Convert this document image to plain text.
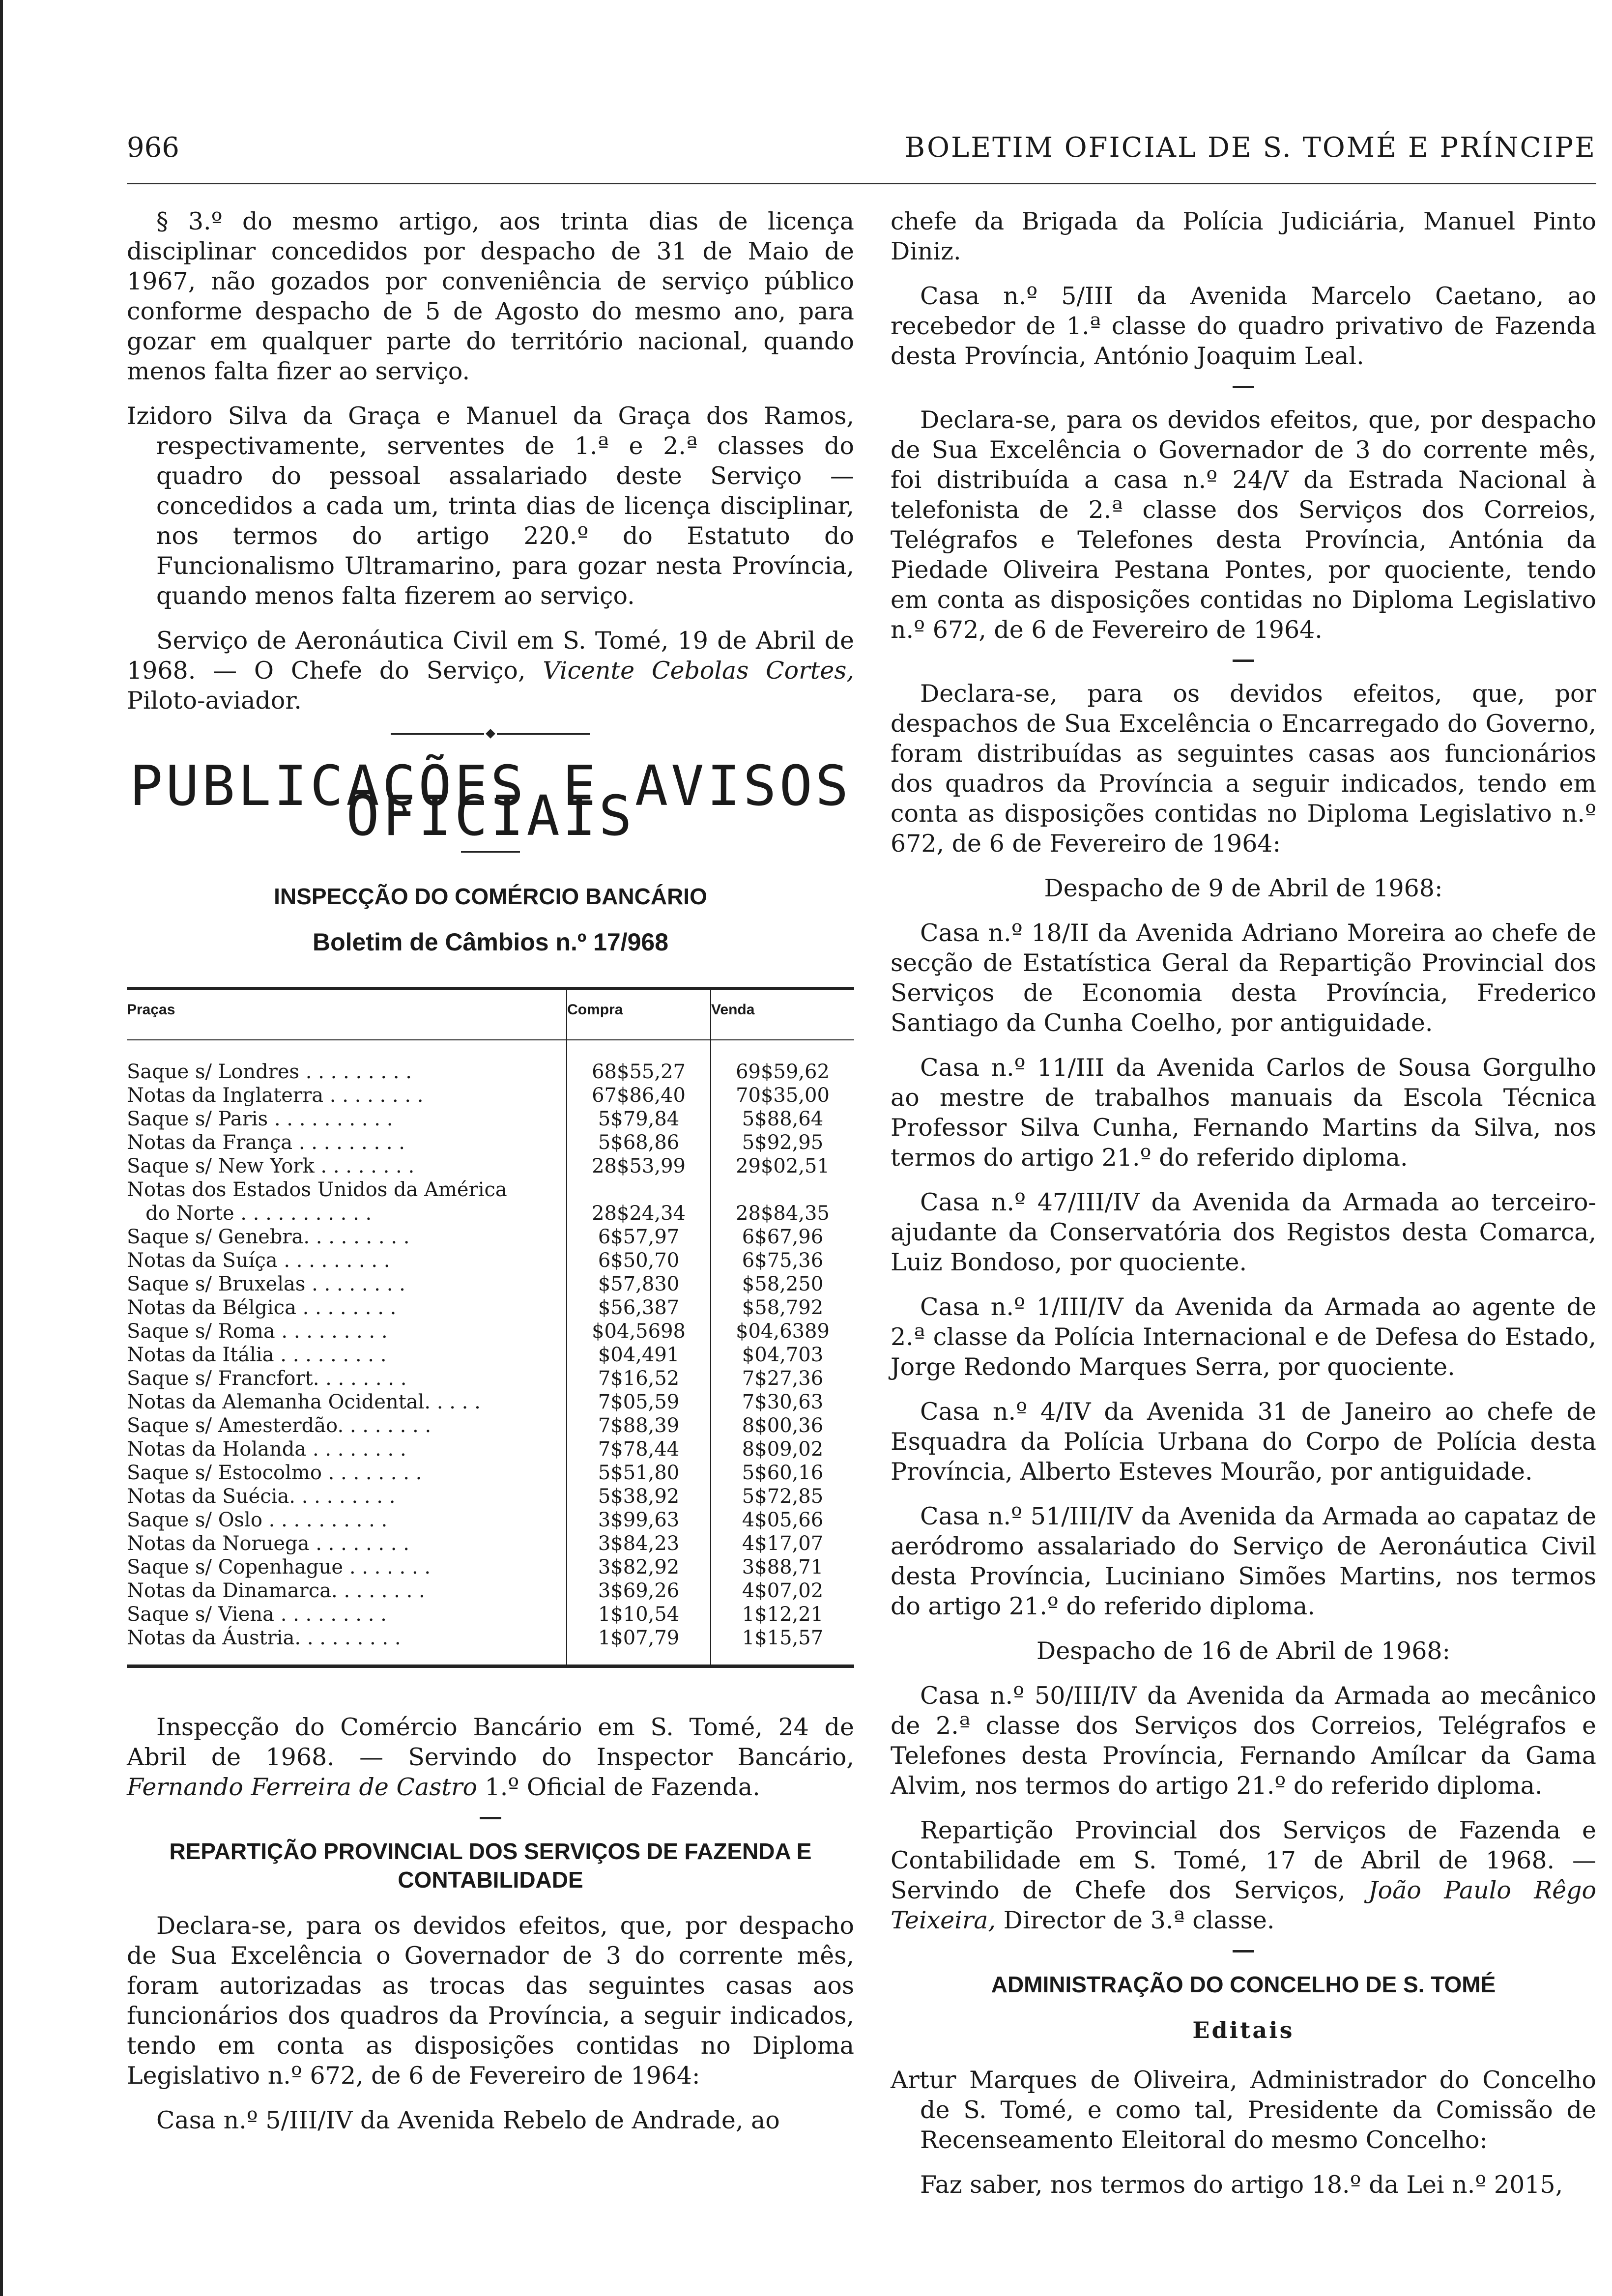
966	BOLETIM OFICIAL DE S. TOMÉ E PRÍNCIPE

§ 3.º do mesmo artigo, aos trinta dias de licença disciplinar concedidos por despacho de 31 de Maio de 1967, não gozados por conveniência de serviço público conforme despacho de 5 de Agosto do mesmo ano, para gozar em qualquer parte do território nacional, quando menos falta fizer ao serviço.

Izidoro Silva da Graça e Manuel da Graça dos Ramos, respectivamente, serventes de 1.ª e 2.ª classes do quadro do pessoal assalariado deste Serviço — concedidos a cada um, trinta dias de licença disciplinar, nos termos do artigo 220.º do Estatuto do Funcionalismo Ultramarino, para gozar nesta Província, quando menos falta fizerem ao serviço.

Serviço de Aeronáutica Civil em S. Tomé, 19 de Abril de 1968. — O Chefe do Serviço, Vicente Cebolas Cortes, Piloto-aviador.

PUBLICAÇÕES E AVISOS OFICIAIS
INSPECÇÃO DO COMÉRCIO BANCÁRIO
Boletim de Câmbios n.º 17/968

Praças	Compra	Venda
Saque s/ Londres . . . . . . . . .	68$55,27	69$59,62
Notas da Inglaterra . . . . . . . .	67$86,40	70$35,00
Saque s/ Paris . . . . . . . . . .	5$79,84	5$88,64
Notas da França . . . . . . . . .	5$68,86	5$92,95
Saque s/ New York . . . . . . . .	28$53,99	29$02,51
Notas dos Estados Unidos da América		
do Norte . . . . . . . . . . .	28$24,34	28$84,35
Saque s/ Genebra. . . . . . . . .	6$57,97	6$67,96
Notas da Suíça . . . . . . . . .	6$50,70	6$75,36
Saque s/ Bruxelas . . . . . . . .	$57,830	$58,250
Notas da Bélgica . . . . . . . .	$56,387	$58,792
Saque s/ Roma . . . . . . . . .	$04,5698	$04,6389
Notas da Itália . . . . . . . . .	$04,491	$04,703
Saque s/ Francfort. . . . . . . .	7$16,52	7$27,36
Notas da Alemanha Ocidental. . . . .	7$05,59	7$30,63
Saque s/ Amesterdão. . . . . . . .	7$88,39	8$00,36
Notas da Holanda . . . . . . . .	7$78,44	8$09,02
Saque s/ Estocolmo . . . . . . . .	5$51,80	5$60,16
Notas da Suécia. . . . . . . . .	5$38,92	5$72,85
Saque s/ Oslo . . . . . . . . . .	3$99,63	4$05,66
Notas da Noruega . . . . . . . .	3$84,23	4$17,07
Saque s/ Copenhague . . . . . . .	3$82,92	3$88,71
Notas da Dinamarca. . . . . . . .	3$69,26	4$07,02
Saque s/ Viena . . . . . . . . .	1$10,54	1$12,21
Notas da Áustria. . . . . . . . .	1$07,79	1$15,57

Inspecção do Comércio Bancário em S. Tomé, 24 de Abril de 1968. — Servindo do Inspector Bancário, Fernando Ferreira de Castro 1.º Oficial de Fazenda.

REPARTIÇÃO PROVINCIAL DOS SERVIÇOS DE FAZENDA E CONTABILIDADE

Declara-se, para os devidos efeitos, que, por despacho de Sua Excelência o Governador de 3 do corrente mês, foram autorizadas as trocas das seguintes casas aos funcionários dos quadros da Província, a seguir indicados, tendo em conta as disposições contidas no Diploma Legislativo n.º 672, de 6 de Fevereiro de 1964:

Casa n.º 5/III/IV da Avenida Rebelo de Andrade, ao

chefe da Brigada da Polícia Judiciária, Manuel Pinto Diniz.

Casa n.º 5/III da Avenida Marcelo Caetano, ao recebedor de 1.ª classe do quadro privativo de Fazenda desta Província, António Joaquim Leal.

Declara-se, para os devidos efeitos, que, por despacho de Sua Excelência o Governador de 3 do corrente mês, foi distribuída a casa n.º 24/V da Estrada Nacional à telefonista de 2.ª classe dos Serviços dos Correios, Telégrafos e Telefones desta Província, Antónia da Piedade Oliveira Pestana Pontes, por quociente, tendo em conta as disposições contidas no Diploma Legislativo n.º 672, de 6 de Fevereiro de 1964.

Declara-se, para os devidos efeitos, que, por despachos de Sua Excelência o Encarregado do Governo, foram distribuídas as seguintes casas aos funcionários dos quadros da Província a seguir indicados, tendo em conta as disposições contidas no Diploma Legislativo n.º 672, de 6 de Fevereiro de 1964:

Despacho de 9 de Abril de 1968:

Casa n.º 18/II da Avenida Adriano Moreira ao chefe de secção de Estatística Geral da Repartição Provincial dos Serviços de Economia desta Província, Frederico Santiago da Cunha Coelho, por antiguidade.

Casa n.º 11/III da Avenida Carlos de Sousa Gorgulho ao mestre de trabalhos manuais da Escola Técnica Professor Silva Cunha, Fernando Martins da Silva, nos termos do artigo 21.º do referido diploma.

Casa n.º 47/III/IV da Avenida da Armada ao terceiro-ajudante da Conservatória dos Registos desta Comarca, Luiz Bondoso, por quociente.

Casa n.º 1/III/IV da Avenida da Armada ao agente de 2.ª classe da Polícia Internacional e de Defesa do Estado, Jorge Redondo Marques Serra, por quociente.

Casa n.º 4/IV da Avenida 31 de Janeiro ao chefe de Esquadra da Polícia Urbana do Corpo de Polícia desta Província, Alberto Esteves Mourão, por antiguidade.

Casa n.º 51/III/IV da Avenida da Armada ao capataz de aeródromo assalariado do Serviço de Aeronáutica Civil desta Província, Luciniano Simões Martins, nos termos do artigo 21.º do referido diploma.

Despacho de 16 de Abril de 1968:

Casa n.º 50/III/IV da Avenida da Armada ao mecânico de 2.ª classe dos Serviços dos Correios, Telégrafos e Telefones desta Província, Fernando Amílcar da Gama Alvim, nos termos do artigo 21.º do referido diploma.

Repartição Provincial dos Serviços de Fazenda e Contabilidade em S. Tomé, 17 de Abril de 1968. — Servindo de Chefe dos Serviços, João Paulo Rêgo Teixeira, Director de 3.ª classe.

ADMINISTRAÇÃO DO CONCELHO DE S. TOMÉ
Editais

Artur Marques de Oliveira, Administrador do Concelho de S. Tomé, e como tal, Presidente da Comissão de Recenseamento Eleitoral do mesmo Concelho:

Faz saber, nos termos do artigo 18.º da Lei n.º 2015,
